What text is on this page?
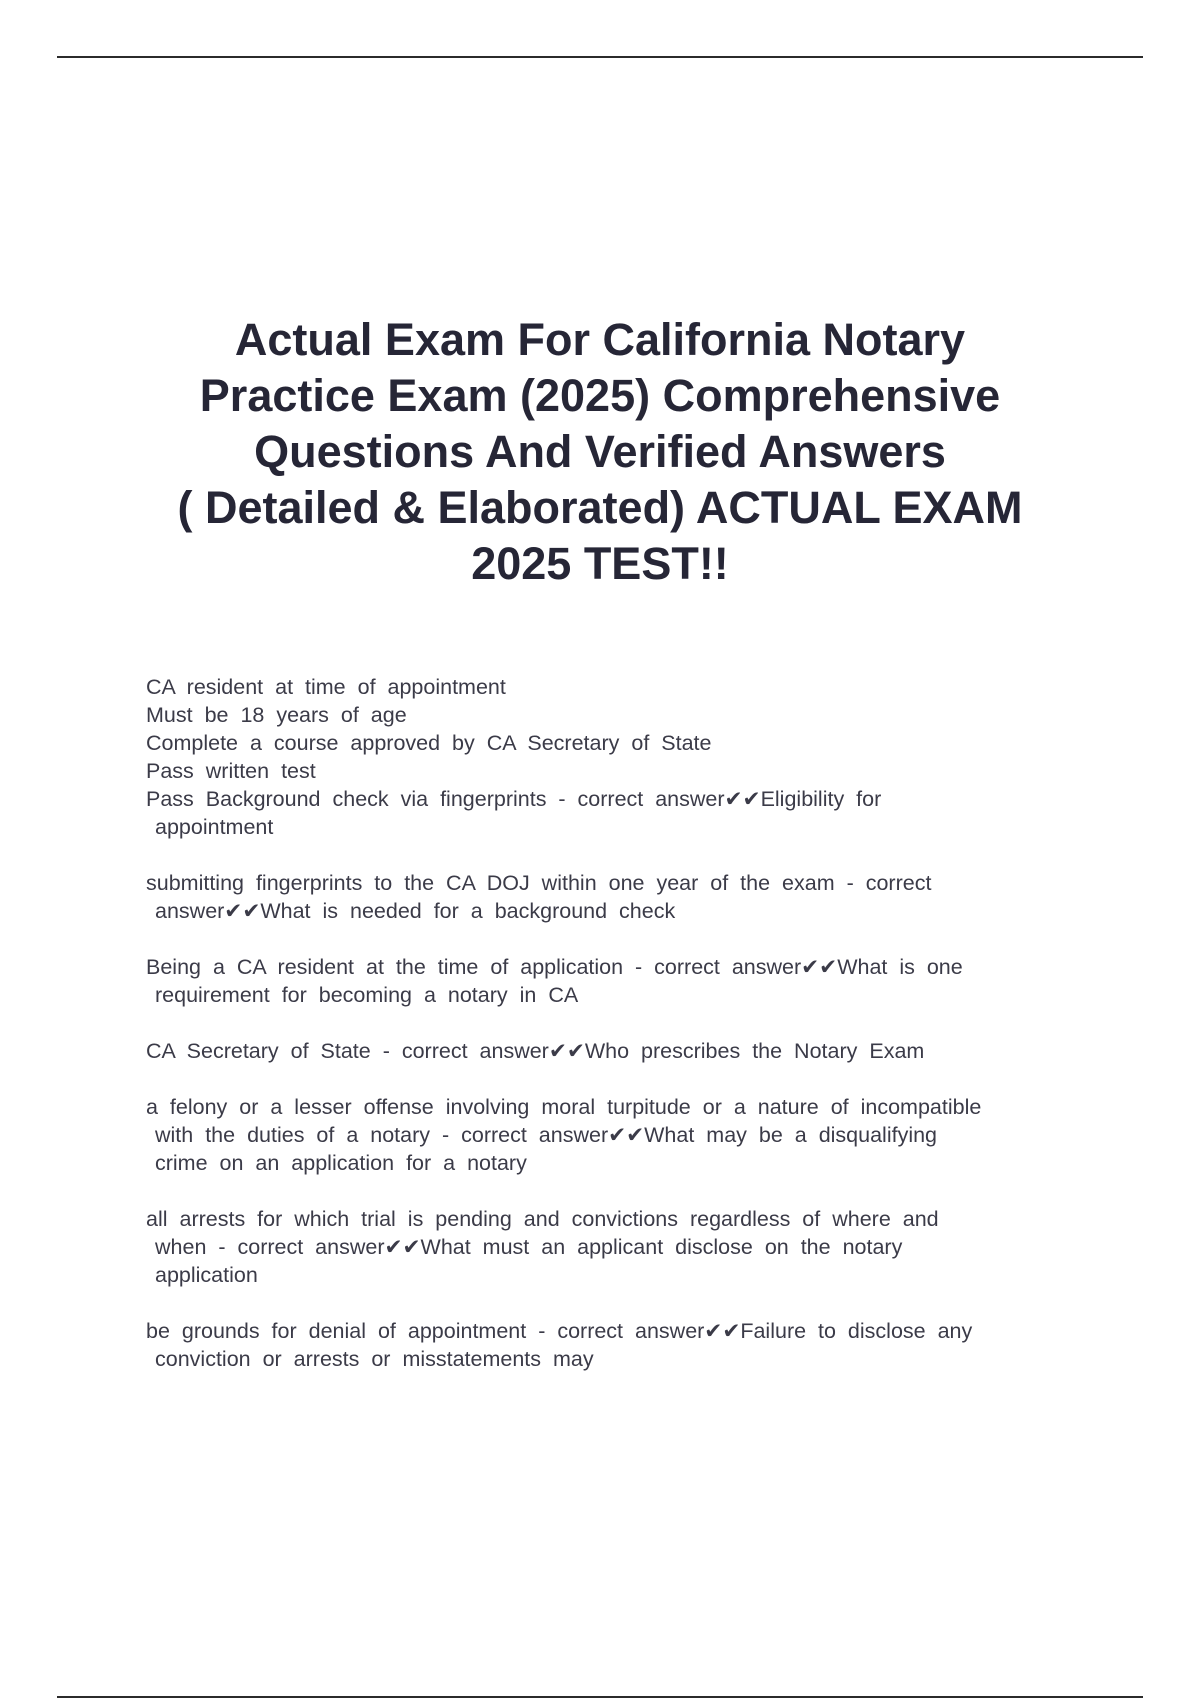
Actual Exam For California Notary
Practice Exam (2025) Comprehensive
Questions And Verified Answers
( Detailed & Elaborated) ACTUAL EXAM
2025 TEST!!
CA resident at time of appointment
Must be 18 years of age
Complete a course approved by CA Secretary of State
Pass written test
Pass Background check via fingerprints - correct answer✔✔Eligibility for
appointment
submitting fingerprints to the CA DOJ within one year of the exam - correct
answer✔✔What is needed for a background check
Being a CA resident at the time of application - correct answer✔✔What is one
requirement for becoming a notary in CA
CA Secretary of State - correct answer✔✔Who prescribes the Notary Exam
a felony or a lesser offense involving moral turpitude or a nature of incompatible
with the duties of a notary - correct answer✔✔What may be a disqualifying
crime on an application for a notary
all arrests for which trial is pending and convictions regardless of where and
when - correct answer✔✔What must an applicant disclose on the notary
application
be grounds for denial of appointment - correct answer✔✔Failure to disclose any
conviction or arrests or misstatements may
